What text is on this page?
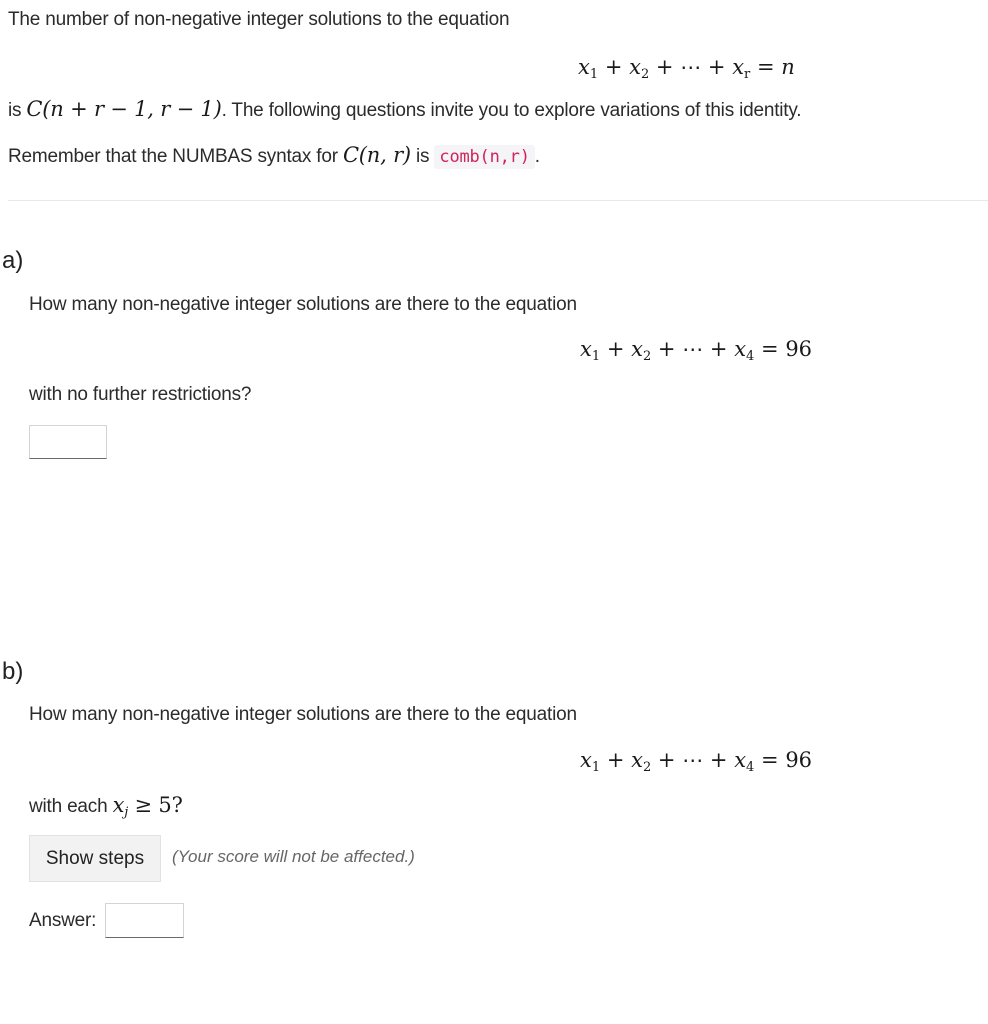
The number of non-negative integer solutions to the equation
$x_1 + x_2$ + ⋯ + $x_r = n$
is C(n + r − 1, r − 1). The following questions invite you to explore variations of this identity.
Remember that the NUMBAS syntax for C(n, r) is comb(n,r) .
a)
How many non-negative integer solutions are there to the equation
$x_1 + x_2$ + ⋯ + $x_4 = 96$
with no further restrictions?
b)
How many non-negative integer solutions are there to the equation
$x_1 + x_2$ + ⋯ + $x_4 = 96$
with each $x_j \ge 5$?
Show steps	(Your score will not be affected.)
Answer:
